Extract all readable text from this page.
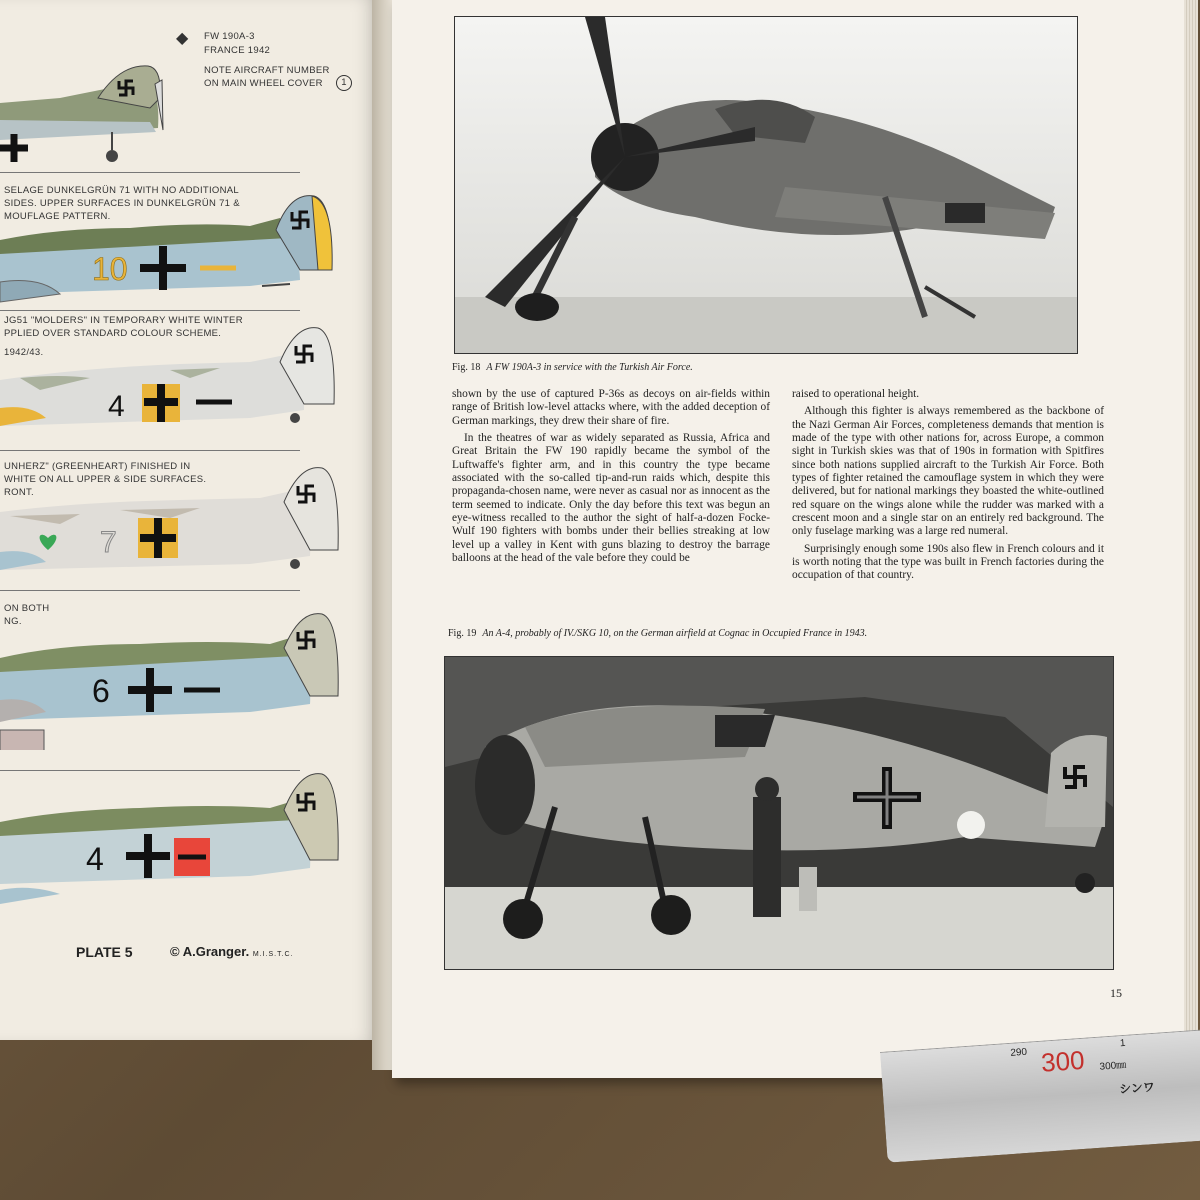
◆ FW 190A-3
FRANCE 1942
NOTE AIRCRAFT NUMBER
ON MAIN WHEEL COVER	1
SELAGE DUNKELGRÜN 71 WITH NO ADDITIONAL
SIDES. UPPER SURFACES IN DUNKELGRÜN 71 &
MOUFLAGE PATTERN.
10
JG51 "MOLDERS" IN TEMPORARY WHITE WINTER
PPLIED OVER STANDARD COLOUR SCHEME.
1942/43.
4
UNHERZ" (GREENHEART) FINISHED IN
WHITE ON ALL UPPER & SIDE SURFACES.
RONT.
7
ON BOTH
NG.
6
4
PLATE 5	© A.Granger. M.I.S.T.C.
Fig. 18 A FW 190A-3 in service with the Turkish Air Force.

shown by the use of captured P-36s as decoys on air-fields within range of British low-level attacks where, with the added deception of German markings, they drew their share of fire.

In the theatres of war as widely separated as Russia, Africa and Great Britain the FW 190 rapidly became the symbol of the Luftwaffe's fighter arm, and in this country the type became associated with the so-called tip-and-run raids which, despite this propaganda-chosen name, were never as casual nor as innocent as the term seemed to indicate. Only the day before this text was begun an eye-witness recalled to the author the sight of half-a-dozen Focke-Wulf 190 fighters with bombs under their bellies streaking at low level up a valley in Kent with guns blazing to destroy the barrage balloons at the head of the vale before they could be

raised to operational height.

Although this fighter is always remembered as the backbone of the Nazi German Air Forces, completeness demands that mention is made of the type with other nations for, across Europe, a common sight in Turkish skies was that of 190s in formation with Spitfires since both nations supplied aircraft to the Turkish Air Force. Both types of fighter retained the camouflage system in which they were delivered, but for national markings they boasted the white-outlined red square on the wings alone while the rudder was marked with a crescent moon and a single star on an entirely red background. The only fuselage marking was a large red numeral.

Surprisingly enough some 190s also flew in French colours and it is worth noting that the type was built in French factories during the occupation of that country.

Fig. 19 An A-4, probably of IV./SKG 10, on the German airfield at Cognac in Occupied France in 1943.
15
290 300 300㎜
1
シンワ
